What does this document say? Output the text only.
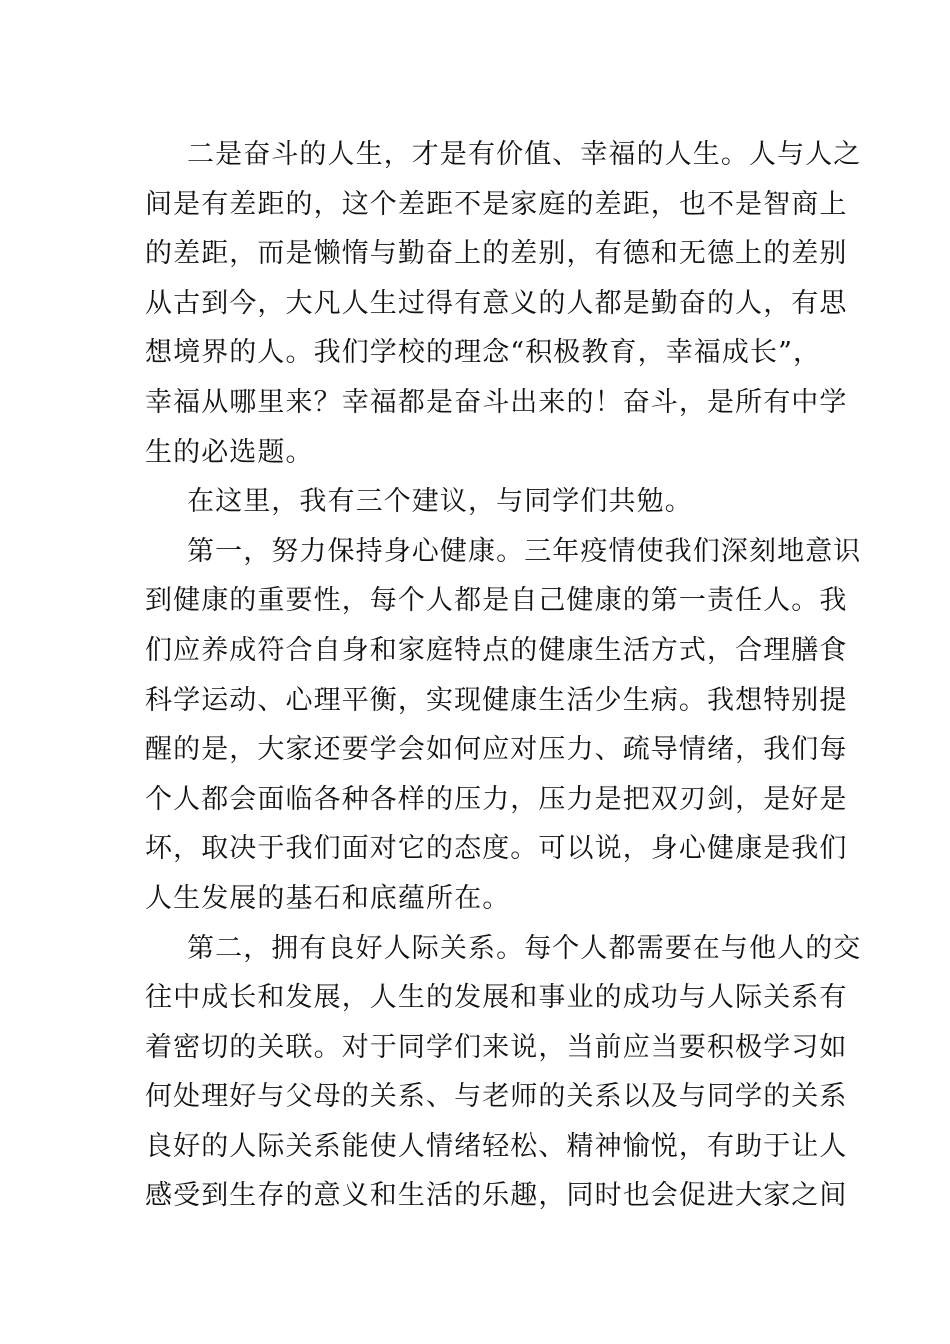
二是奋斗的人生，才是有价值、幸福的人生。人与人之
间是有差距的，这个差距不是家庭的差距，也不是智商上
的差距，而是懒惰与勤奋上的差别，有德和无德上的差别
从古到今，大凡人生过得有意义的人都是勤奋的人，有思
想境界的人。我们学校的理念“积极教育，幸福成长”，
幸福从哪里来？幸福都是奋斗出来的！奋斗，是所有中学
生的必选题。
在这里，我有三个建议，与同学们共勉。
第一，努力保持身心健康。三年疫情使我们深刻地意识
到健康的重要性，每个人都是自己健康的第一责任人。我
们应养成符合自身和家庭特点的健康生活方式，合理膳食
科学运动、心理平衡，实现健康生活少生病。我想特别提
醒的是，大家还要学会如何应对压力、疏导情绪，我们每
个人都会面临各种各样的压力，压力是把双刃剑，是好是
坏，取决于我们面对它的态度。可以说，身心健康是我们
人生发展的基石和底蕴所在。
第二，拥有良好人际关系。每个人都需要在与他人的交
往中成长和发展，人生的发展和事业的成功与人际关系有
着密切的关联。对于同学们来说，当前应当要积极学习如
何处理好与父母的关系、与老师的关系以及与同学的关系
良好的人际关系能使人情绪轻松、精神愉悦，有助于让人
感受到生存的意义和生活的乐趣，同时也会促进大家之间
